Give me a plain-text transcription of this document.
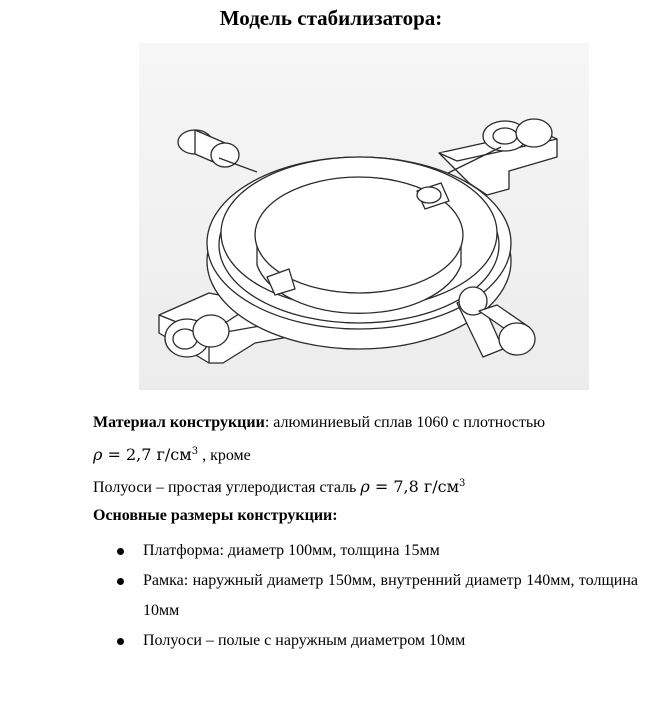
Модель стабилизатора:
Материал конструкции: алюминиевый сплав 1060 с плотностью
ρ = 2,7 $г/см^3$ , кроме
Полуоси – простая углеродистая сталь ρ = 7,8 $г/см^3$
Основные размеры конструкции:
Платформа: диаметр 100мм, толщина 15мм
Рамка: наружный диаметр 150мм, внутренний диаметр 140мм, толщина 10мм
Полуоси – полые с наружным диаметром 10мм
